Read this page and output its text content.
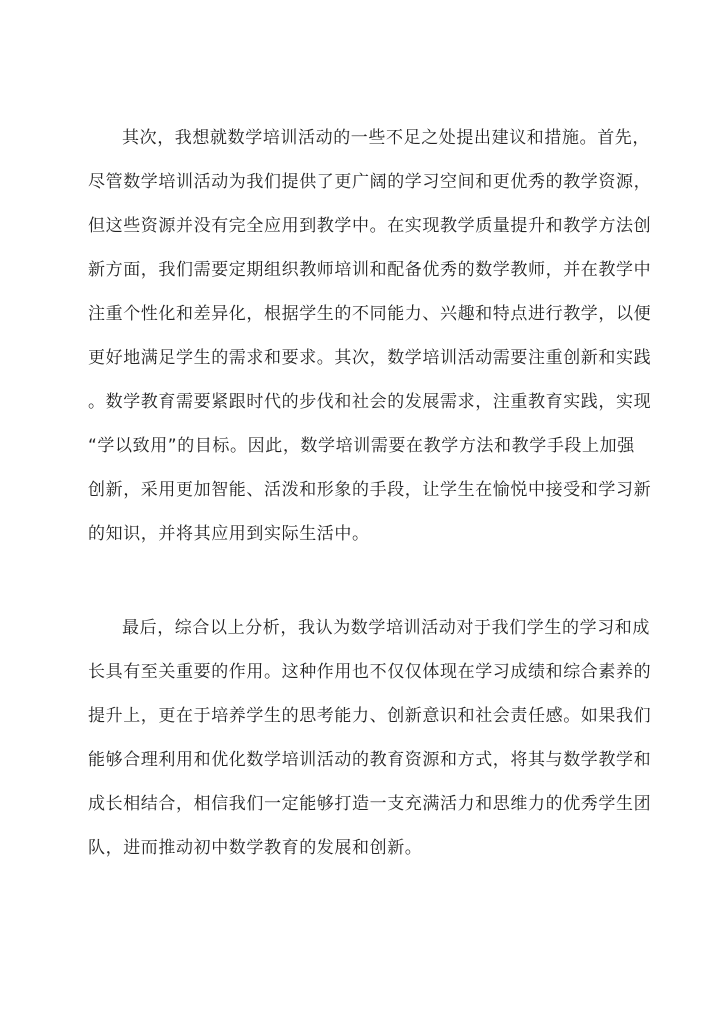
其次，我想就数学培训活动的一些不足之处提出建议和措施。首先，
尽管数学培训活动为我们提供了更广阔的学习空间和更优秀的教学资源，
但这些资源并没有完全应用到教学中。在实现教学质量提升和教学方法创
新方面，我们需要定期组织教师培训和配备优秀的数学教师，并在教学中
注重个性化和差异化，根据学生的不同能力、兴趣和特点进行教学，以便
更好地满足学生的需求和要求。其次，数学培训活动需要注重创新和实践
。数学教育需要紧跟时代的步伐和社会的发展需求，注重教育实践，实现
“学以致用”的目标。因此，数学培训需要在教学方法和教学手段上加强
创新，采用更加智能、活泼和形象的手段，让学生在愉悦中接受和学习新
的知识，并将其应用到实际生活中。
最后，综合以上分析，我认为数学培训活动对于我们学生的学习和成
长具有至关重要的作用。这种作用也不仅仅体现在学习成绩和综合素养的
提升上，更在于培养学生的思考能力、创新意识和社会责任感。如果我们
能够合理利用和优化数学培训活动的教育资源和方式，将其与数学教学和
成长相结合，相信我们一定能够打造一支充满活力和思维力的优秀学生团
队，进而推动初中数学教育的发展和创新。
